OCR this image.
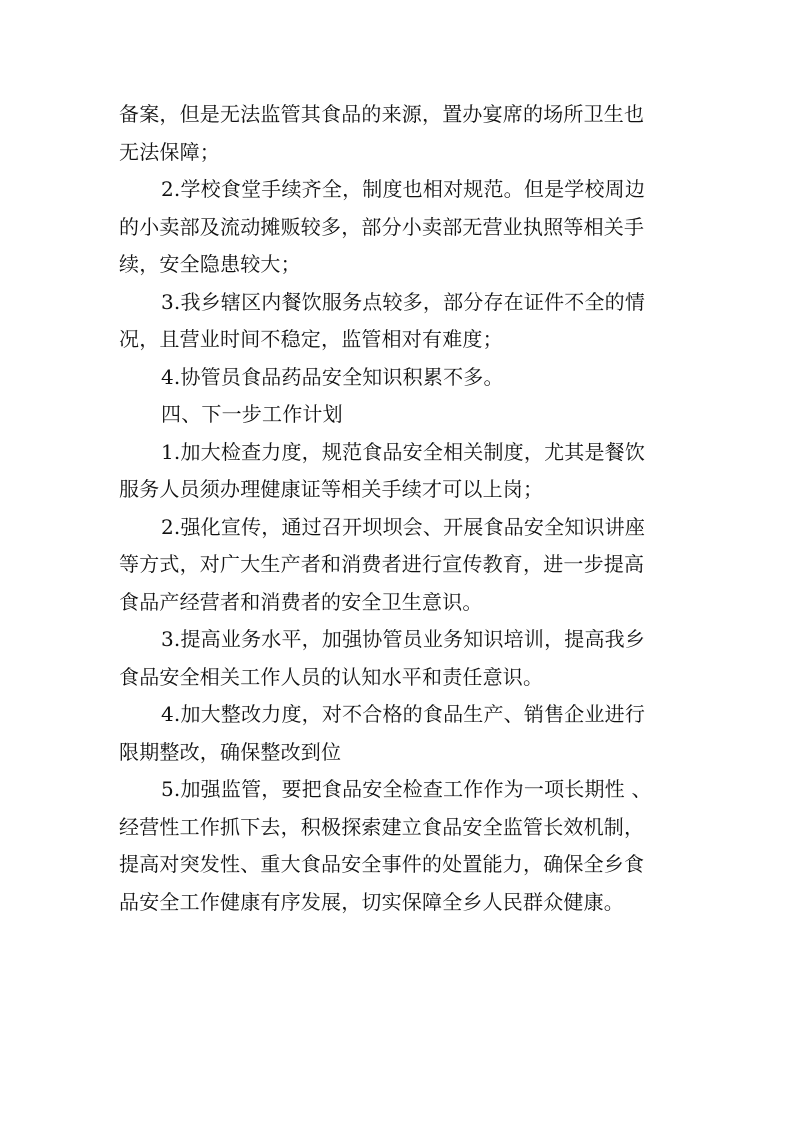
备案，但是无法监管其食品的来源，置办宴席的场所卫生也
无法保障；
2.学校食堂手续齐全，制度也相对规范。但是学校周边
的小卖部及流动摊贩较多，部分小卖部无营业执照等相关手
续，安全隐患较大；
3.我乡辖区内餐饮服务点较多，部分存在证件不全的情
况，且营业时间不稳定，监管相对有难度；
4.协管员食品药品安全知识积累不多。
四、下一步工作计划
1.加大检查力度，规范食品安全相关制度，尤其是餐饮
服务人员须办理健康证等相关手续才可以上岗；
2.强化宣传，通过召开坝坝会、开展食品安全知识讲座
等方式，对广大生产者和消费者进行宣传教育，进一步提高
食品产经营者和消费者的安全卫生意识。
3.提高业务水平，加强协管员业务知识培训，提高我乡
食品安全相关工作人员的认知水平和责任意识。
4.加大整改力度，对不合格的食品生产、销售企业进行
限期整改，确保整改到位
5.加强监管，要把食品安全检查工作作为一项长期性 、
经营性工作抓下去，积极探索建立食品安全监管长效机制，
提高对突发性、重大食品安全事件的处置能力，确保全乡食
品安全工作健康有序发展，切实保障全乡人民群众健康。
